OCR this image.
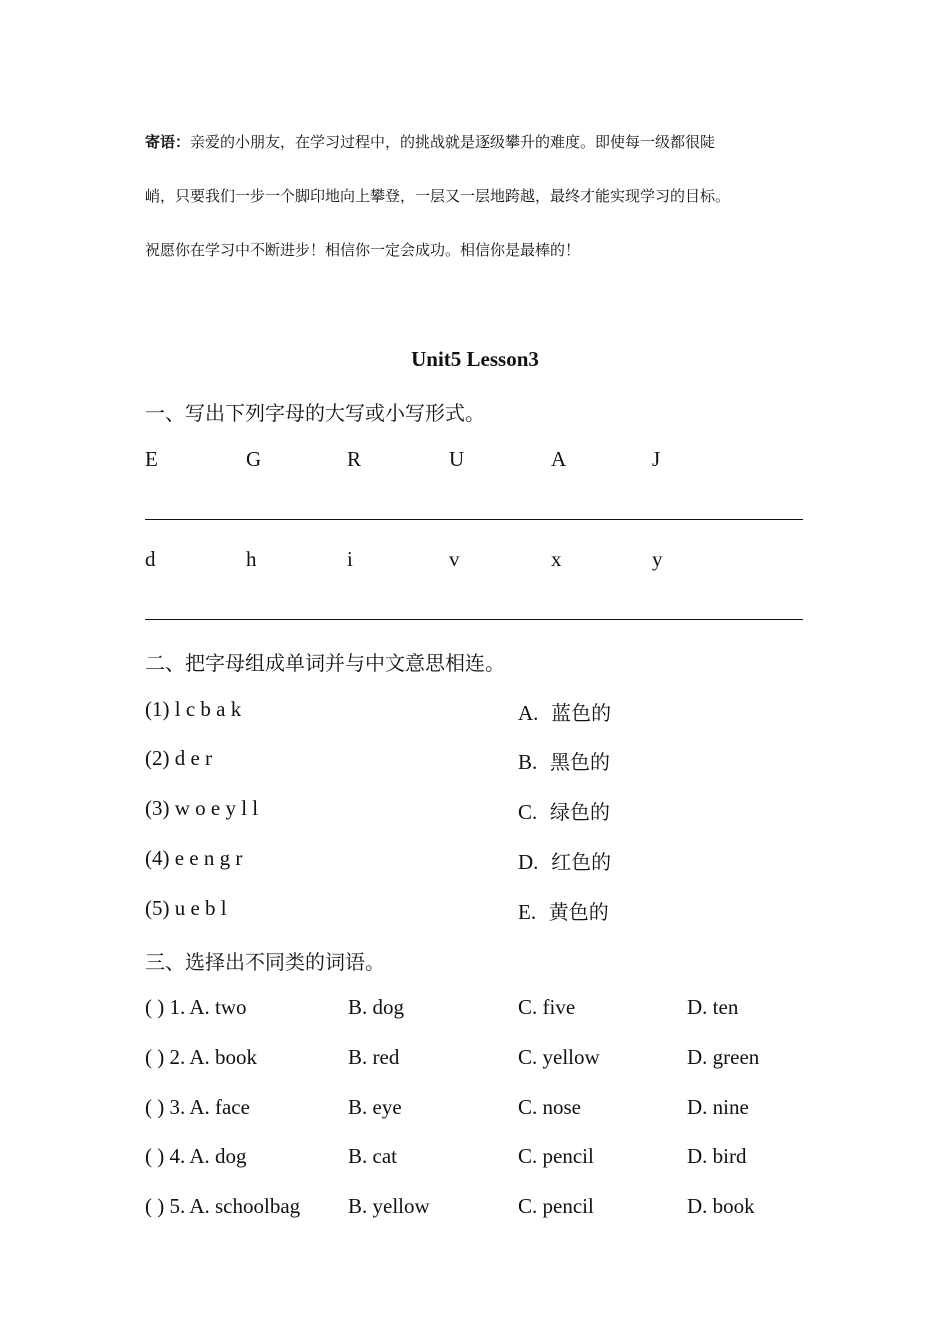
寄语：亲爱的小朋友，在学习过程中，的挑战就是逐级攀升的难度。即使每一级都很陡
峭，只要我们一步一个脚印地向上攀登，一层又一层地跨越，最终才能实现学习的目标。
祝愿你在学习中不断进步！相信你一定会成功。相信你是最棒的！
Unit5 Lesson3
一、写出下列字母的大写或小写形式。
E	G	R	U	A	J
d	h	i	v	x	y
二、把字母组成单词并与中文意思相连。
(1) l c b a k
(2) d e r
(3) w o e y l l
(4) e e n g r
(5) u e b l
A. 蓝色的
B. 黑色的
C. 绿色的
D. 红色的
E. 黄色的
三、选择出不同类的词语。
( ) 1. A. two	B. dog	C. five	D. ten
( ) 2. A. book	B. red	C. yellow	D. green
( ) 3. A. face	B. eye	C. nose	D. nine
( ) 4. A. dog	B. cat	C. pencil	D. bird
( ) 5. A. schoolbag B. yellow	C. pencil	D. book
